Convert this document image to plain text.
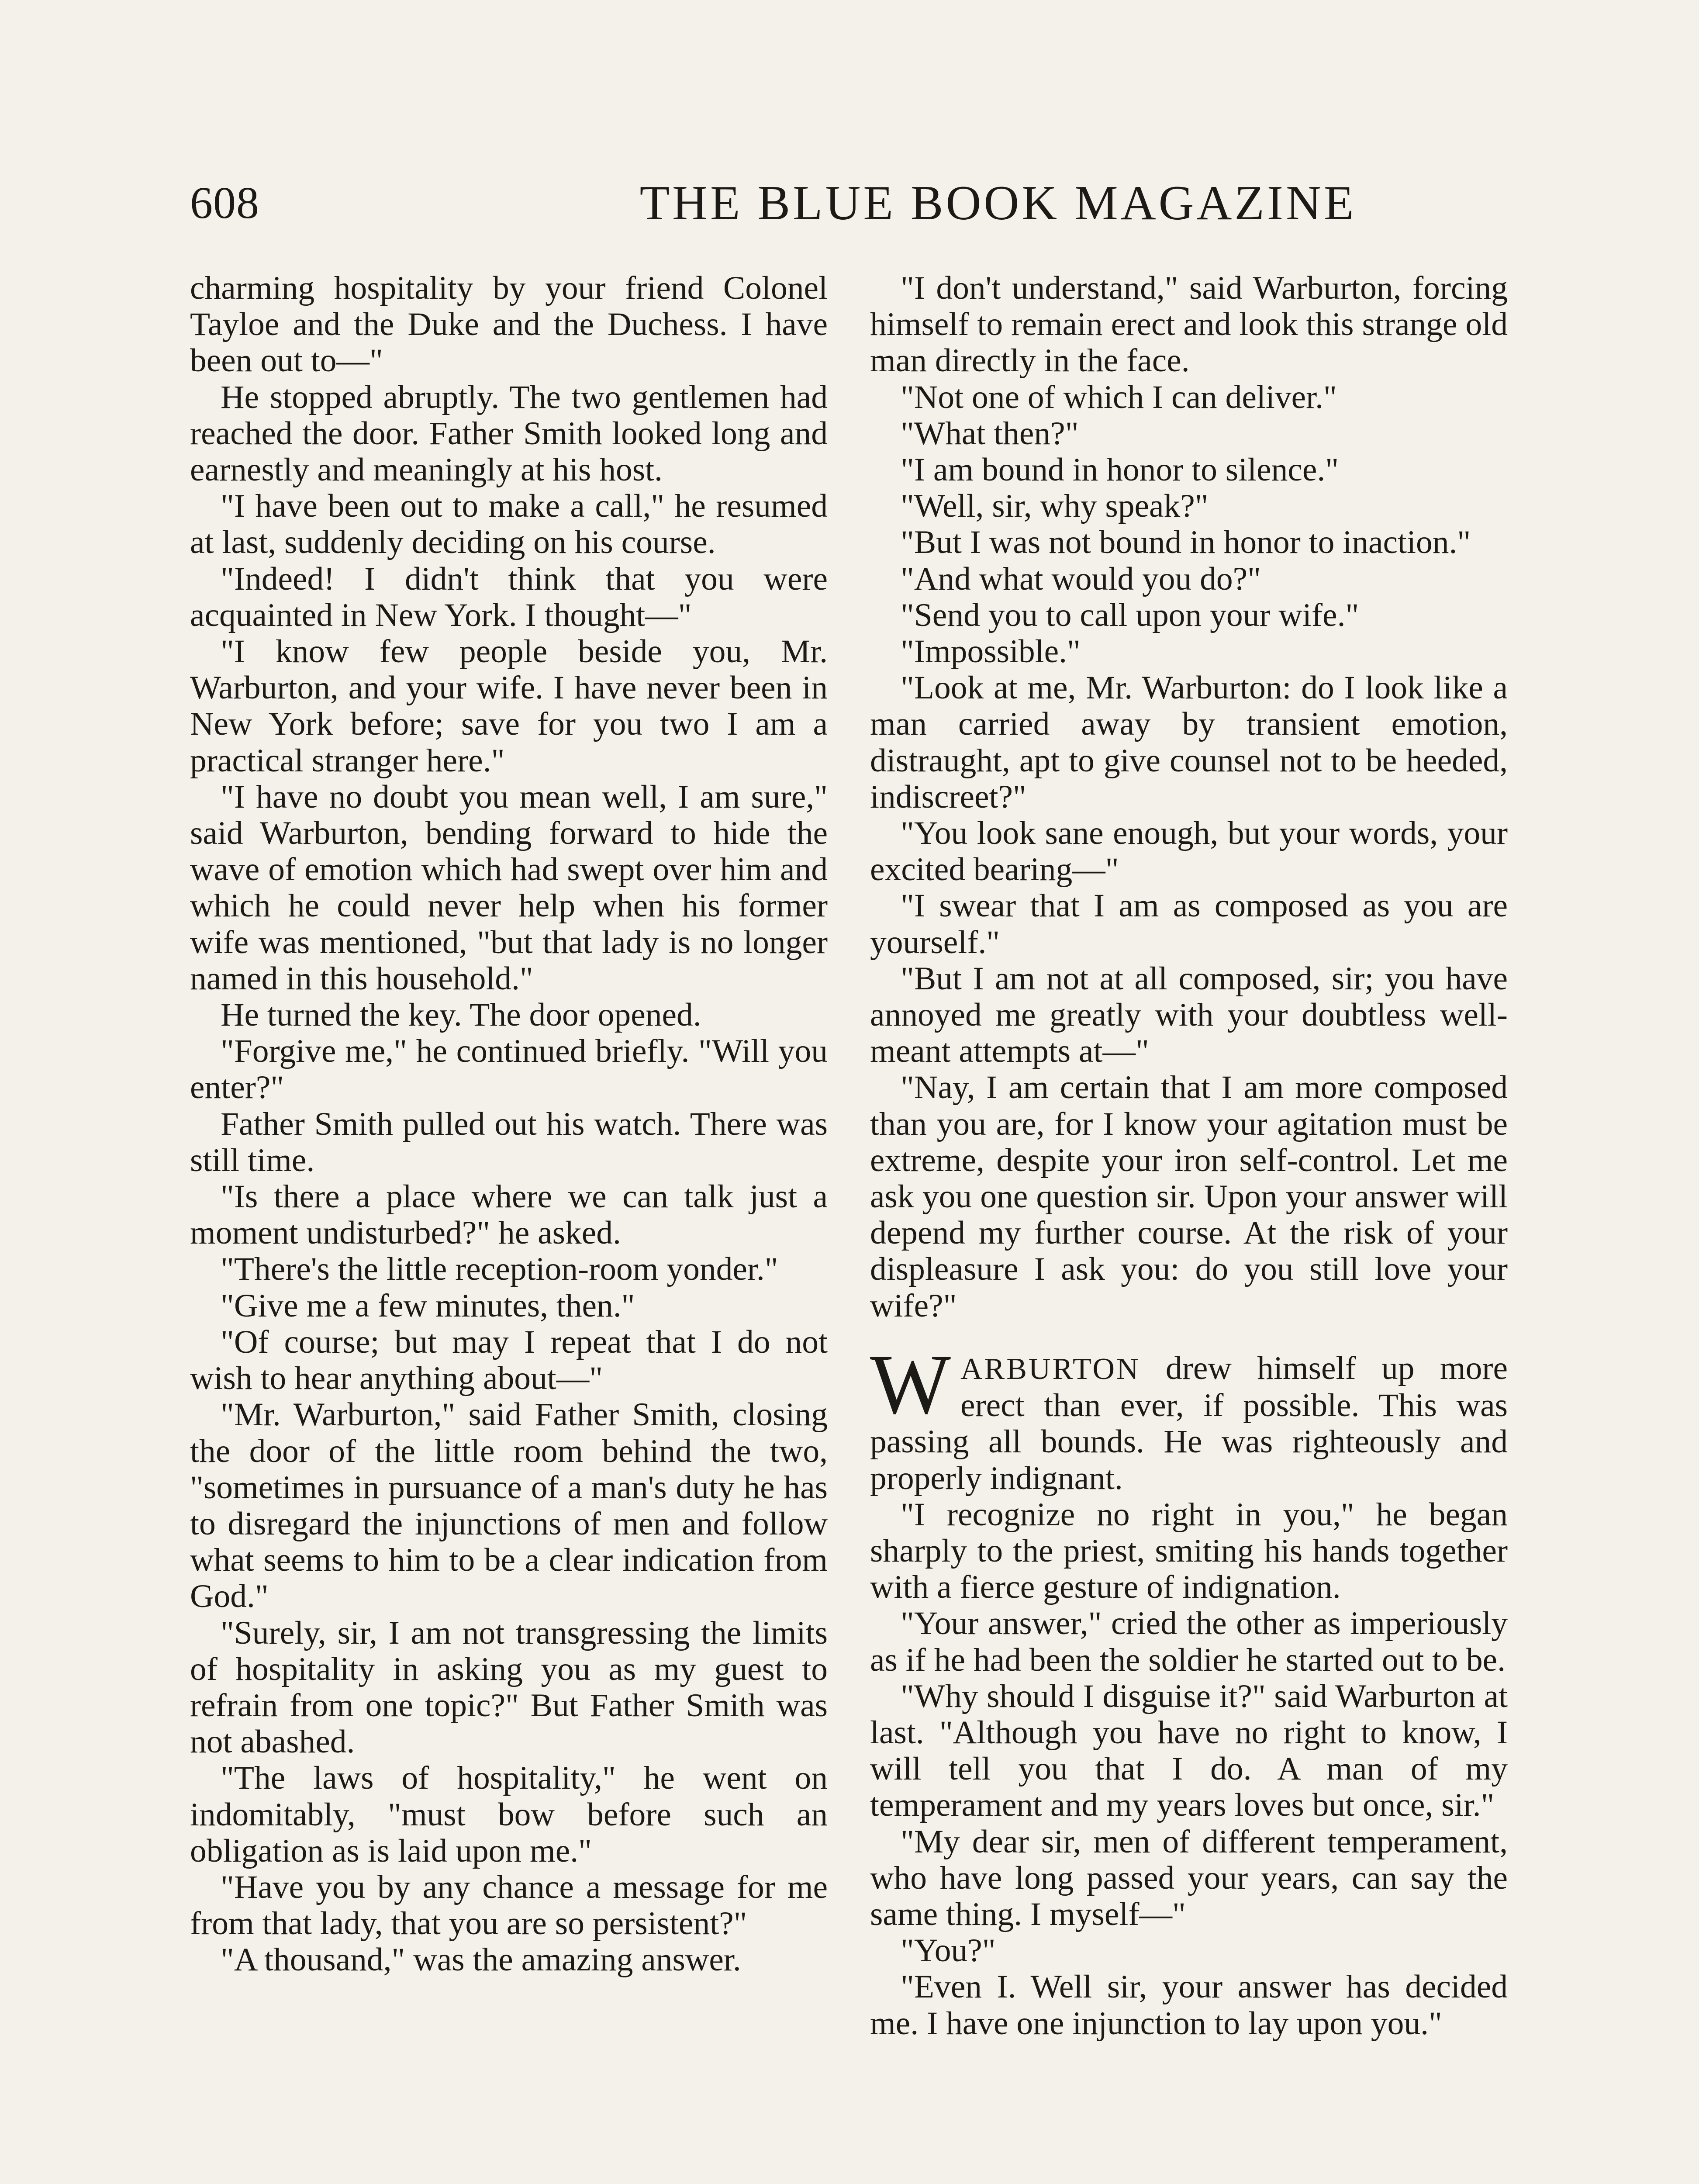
608	THE BLUE BOOK MAGAZINE

charming hospitality by your friend Colonel Tayloe and the Duke and the Duchess. I have been out to—"

He stopped abruptly. The two gentlemen had reached the door. Father Smith looked long and earnestly and meaningly at his host.

"I have been out to make a call," he resumed at last, suddenly deciding on his course.

"Indeed! I didn't think that you were acquainted in New York. I thought—"

"I know few people beside you, Mr. Warburton, and your wife. I have never been in New York before; save for you two I am a practical stranger here."

"I have no doubt you mean well, I am sure," said Warburton, bending forward to hide the wave of emotion which had swept over him and which he could never help when his former wife was mentioned, "but that lady is no longer named in this household."

He turned the key. The door opened.

"Forgive me," he continued briefly. "Will you enter?"

Father Smith pulled out his watch. There was still time.

"Is there a place where we can talk just a moment undisturbed?" he asked.

"There's the little reception-room yonder."

"Give me a few minutes, then."

"Of course; but may I repeat that I do not wish to hear anything about—"

"Mr. Warburton," said Father Smith, closing the door of the little room behind the two, "sometimes in pursuance of a man's duty he has to disregard the injunctions of men and follow what seems to him to be a clear indication from God."

"Surely, sir, I am not transgressing the limits of hospitality in asking you as my guest to refrain from one topic?" But Father Smith was not abashed.

"The laws of hospitality," he went on indomitably, "must bow before such an obligation as is laid upon me."

"Have you by any chance a message for me from that lady, that you are so persistent?"

"A thousand," was the amazing answer.

"I don't understand," said Warburton, forcing himself to remain erect and look this strange old man directly in the face.

"Not one of which I can deliver."

"What then?"

"I am bound in honor to silence."

"Well, sir, why speak?"

"But I was not bound in honor to inaction."

"And what would you do?"

"Send you to call upon your wife."

"Impossible."

"Look at me, Mr. Warburton: do I look like a man carried away by transient emotion, distraught, apt to give counsel not to be heeded, indiscreet?"

"You look sane enough, but your words, your excited bearing—"

"I swear that I am as composed as you are yourself."

"But I am not at all composed, sir; you have annoyed me greatly with your doubtless well-meant attempts at—"

"Nay, I am certain that I am more composed than you are, for I know your agitation must be extreme, despite your iron self-control. Let me ask you one question sir. Upon your answer will depend my further course. At the risk of your displeasure I ask you: do you still love your wife?"

WARBURTON drew himself up more erect than ever, if possible. This was passing all bounds. He was righteously and properly indignant.

"I recognize no right in you," he began sharply to the priest, smiting his hands together with a fierce gesture of indignation.

"Your answer," cried the other as imperiously as if he had been the soldier he started out to be.

"Why should I disguise it?" said Warburton at last. "Although you have no right to know, I will tell you that I do. A man of my temperament and my years loves but once, sir."

"My dear sir, men of different temperament, who have long passed your years, can say the same thing. I myself—"

"You?"

"Even I. Well sir, your answer has decided me. I have one injunction to lay upon you."
